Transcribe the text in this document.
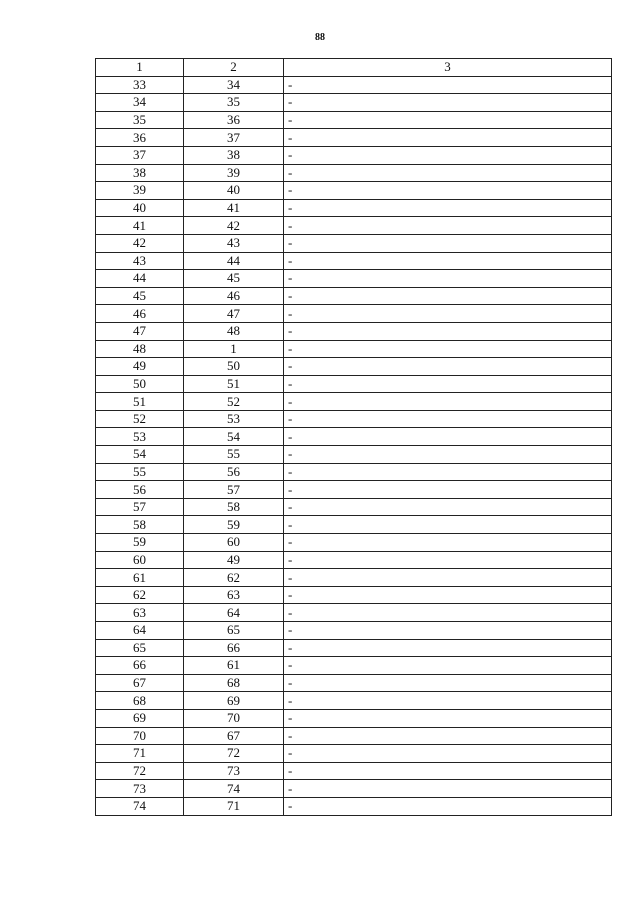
88
1	2	3
33	34	-
34	35	-
35	36	-
36	37	-
37	38	-
38	39	-
39	40	-
40	41	-
41	42	-
42	43	-
43	44	-
44	45	-
45	46	-
46	47	-
47	48	-
48	1	-
49	50	-
50	51	-
51	52	-
52	53	-
53	54	-
54	55	-
55	56	-
56	57	-
57	58	-
58	59	-
59	60	-
60	49	-
61	62	-
62	63	-
63	64	-
64	65	-
65	66	-
66	61	-
67	68	-
68	69	-
69	70	-
70	67	-
71	72	-
72	73	-
73	74	-
74	71	-
